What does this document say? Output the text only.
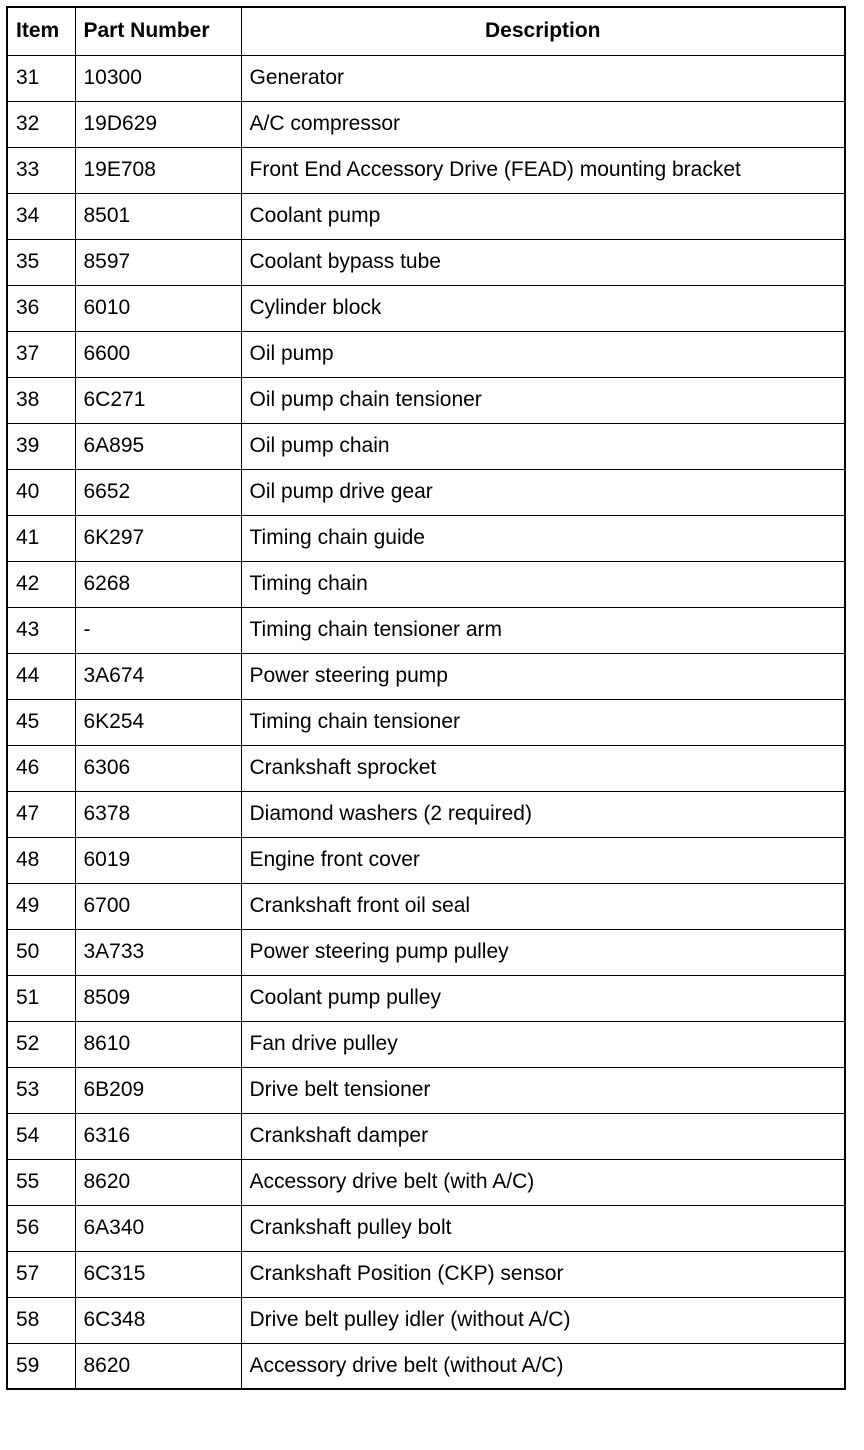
Item	Part Number	Description
31	10300	Generator
32	19D629	A/C compressor
33	19E708	Front End Accessory Drive (FEAD) mounting bracket
34	8501	Coolant pump
35	8597	Coolant bypass tube
36	6010	Cylinder block
37	6600	Oil pump
38	6C271	Oil pump chain tensioner
39	6A895	Oil pump chain
40	6652	Oil pump drive gear
41	6K297	Timing chain guide
42	6268	Timing chain
43	-	Timing chain tensioner arm
44	3A674	Power steering pump
45	6K254	Timing chain tensioner
46	6306	Crankshaft sprocket
47	6378	Diamond washers (2 required)
48	6019	Engine front cover
49	6700	Crankshaft front oil seal
50	3A733	Power steering pump pulley
51	8509	Coolant pump pulley
52	8610	Fan drive pulley
53	6B209	Drive belt tensioner
54	6316	Crankshaft damper
55	8620	Accessory drive belt (with A/C)
56	6A340	Crankshaft pulley bolt
57	6C315	Crankshaft Position (CKP) sensor
58	6C348	Drive belt pulley idler (without A/C)
59	8620	Accessory drive belt (without A/C)
